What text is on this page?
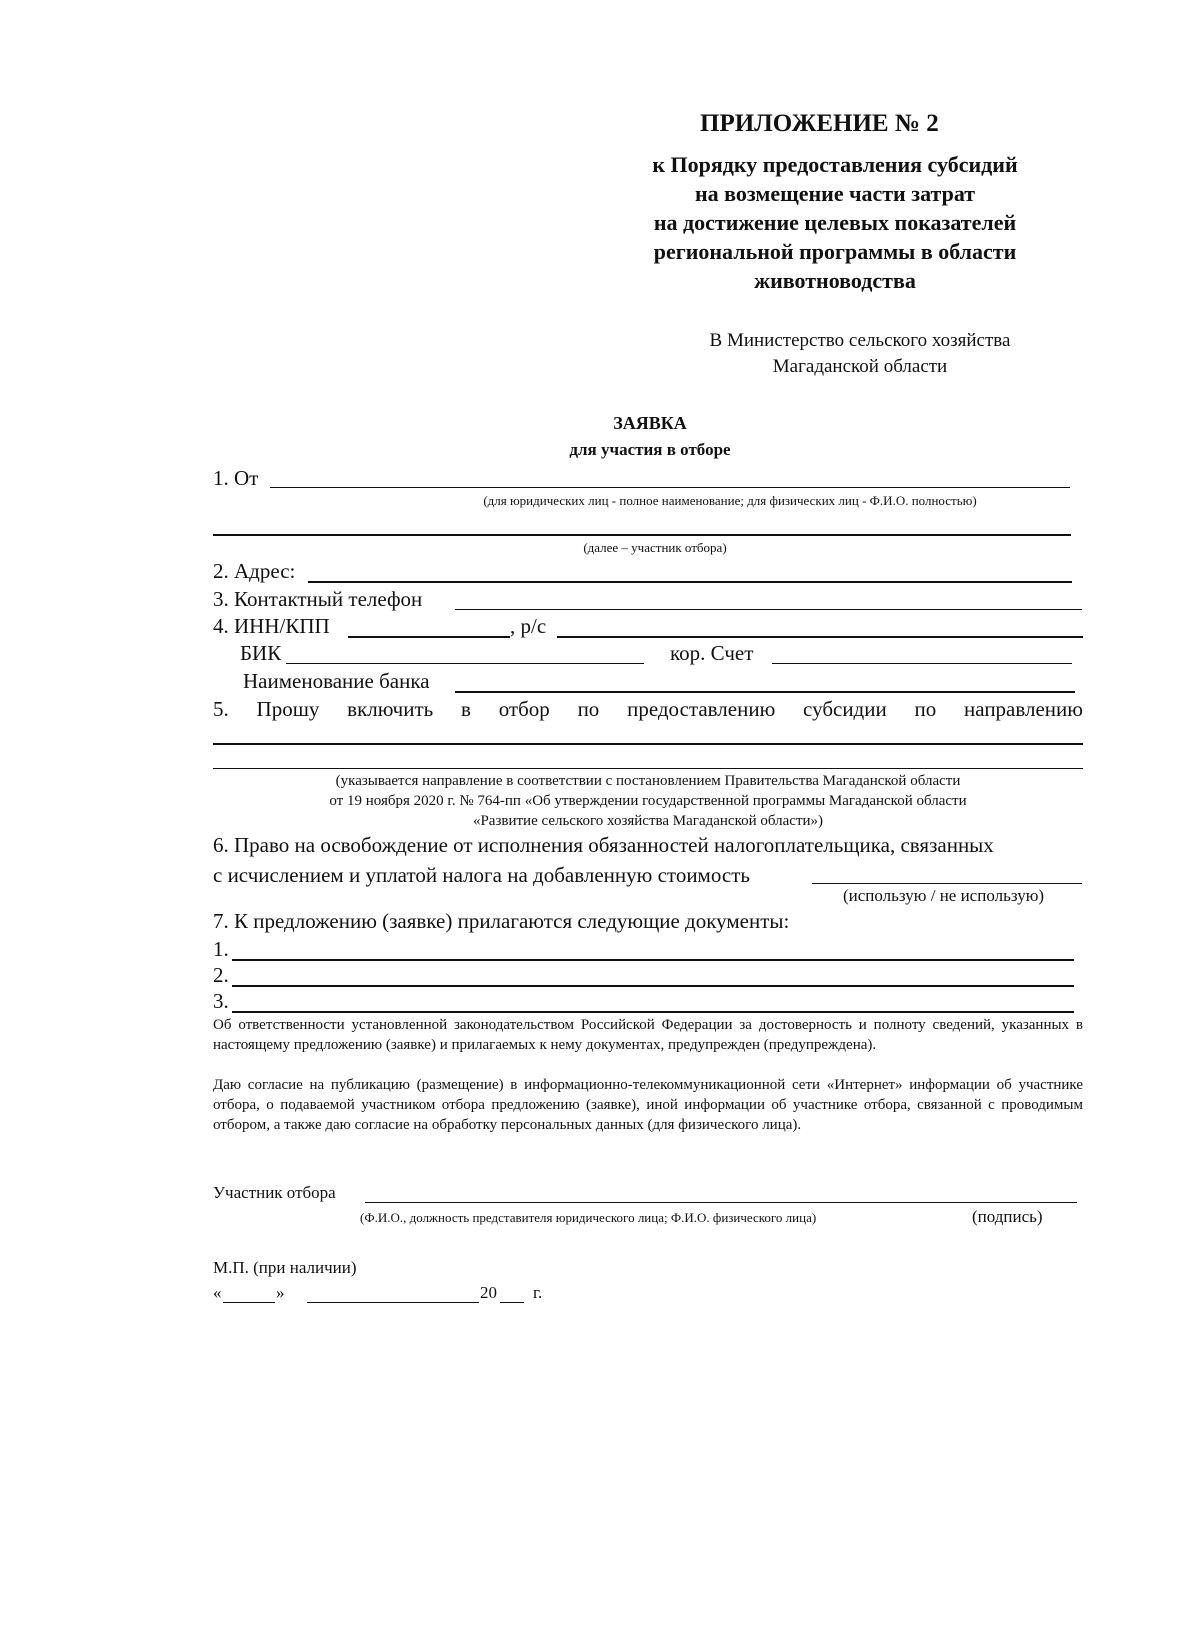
ПРИЛОЖЕНИЕ № 2
к Порядку предоставления субсидий
на возмещение части затрат
на достижение целевых показателей
региональной программы в области
животноводства
В Министерство сельского хозяйства
Магаданской области
ЗАЯВКА
для участия в отборе
1. От
(для юридических лиц - полное наименование; для физических лиц - Ф.И.О. полностью)
(далее – участник отбора)
2. Адрес:
3. Контактный телефон
4. ИНН/КПП	, р/с
БИК	кор. Счет
Наименование банка
5. Прошу включить в отбор по предоставлению субсидии по направлению
(указывается направление в соответствии с постановлением Правительства Магаданской области
от 19 ноября 2020 г. № 764-пп «Об утверждении государственной программы Магаданской области
«Развитие сельского хозяйства Магаданской области»)
6. Право на освобождение от исполнения обязанностей налогоплательщика, связанных
с исчислением и уплатой налога на добавленную стоимость
(использую / не использую)
7. К предложению (заявке) прилагаются следующие документы:
1.
2.
3.
Об ответственности установленной законодательством Российской Федерации за достоверность и полноту сведений, указанных в настоящему предложению (заявке) и прилагаемых к нему документах, предупрежден (предупреждена).
Даю согласие на публикацию (размещение) в информационно-телекоммуникационной сети «Интернет» информации об участнике отбора, о подаваемой участником отбора предложению (заявке), иной информации об участнике отбора, связанной с проводимым отбором, а также даю согласие на обработку персональных данных (для физического лица).
Участник отбора
(Ф.И.О., должность представителя юридического лица; Ф.И.О. физического лица)	(подпись)
М.П. (при наличии)
«	»	20 г.
